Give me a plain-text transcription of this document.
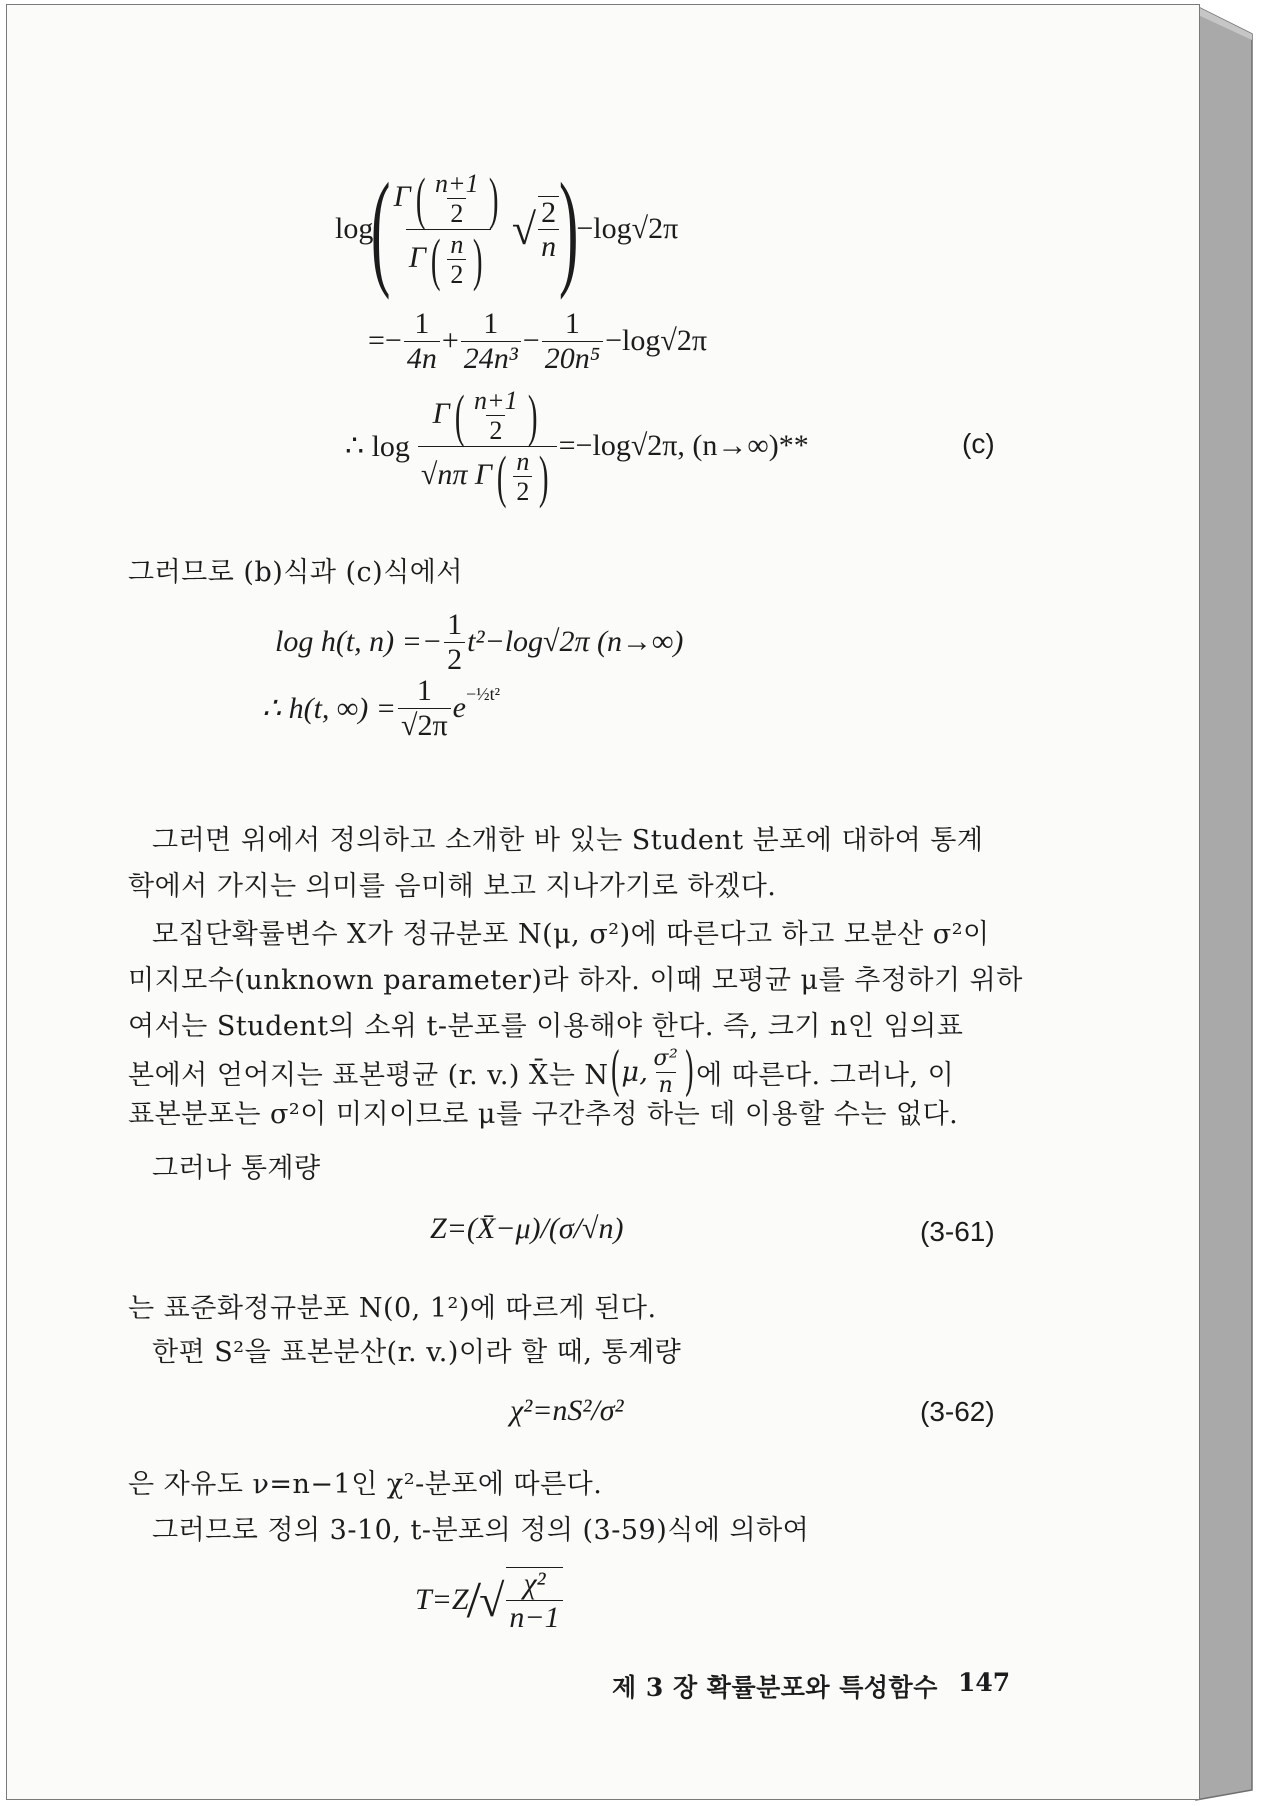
log
( $\frac{\Gamma( \frac{n+1}{2} )}{\Gamma( \frac{n}{2} )}$ √ $\frac{2}{n}$ )
−log√2π
=− $\frac{1}{4n} + \frac{1}{\text{24n³}} - \frac{1}{\text{20n⁵}} -\log√2\pi$
∴ $\log \frac{\Gamma( \frac{n+1}{2} )}{√n\pi \Gamma( \frac{n}{2} )} =-\log√2\pi$, (n→∞)**	(c)
그러므로 (b)식과 (c)식에서
log h(t, $n) =- \frac{1}{2} t^2-\log√2\pi$ (n→∞)
∴ h(t, ∞) = $\frac{1}{√2\pi} e^{-\frac{1}{2}t^2}$
그러면 위에서 정의하고 소개한 바 있는 Student 분포에 대하여 통계
학에서 가지는 의미를 음미해 보고 지나가기로 하겠다.
모집단확률변수 X가 정규분포 N(μ, σ²)에 따른다고 하고 모분산 σ²이
미지모수(unknown parameter)라 하자. 이때 모평균 μ를 추정하기 위하
여서는 Student의 소위 t-분포를 이용해야 한다. 즉, 크기 n인 임의표
본에서 얻어지는 표본평균 (r. v.) X̄는 N ( μ, $\frac{\text{σ²}}{n}$ ) 에 따른다. 그러나, 이
표본분포는 σ²이 미지이므로 μ를 구간추정 하는 데 이용할 수는 없다.
그러나 통계량
Z=(X̄−μ)/(σ/√n)	(3-61)
는 표준화정규분포 N(0, 1²)에 따르게 된다.
한편 S²을 표본분산(r. v.)이라 할 때, 통계량
χ²=nS²/σ²	(3-62)
은 자유도 ν=n−1인 χ²-분포에 따른다.
그러므로 정의 3-10, t-분포의 정의 (3-59)식에 의하여
T=Z
/
√ $\frac{\text{χ²}}{n-1}$
제 3 장 확률분포와 특성함수 147
